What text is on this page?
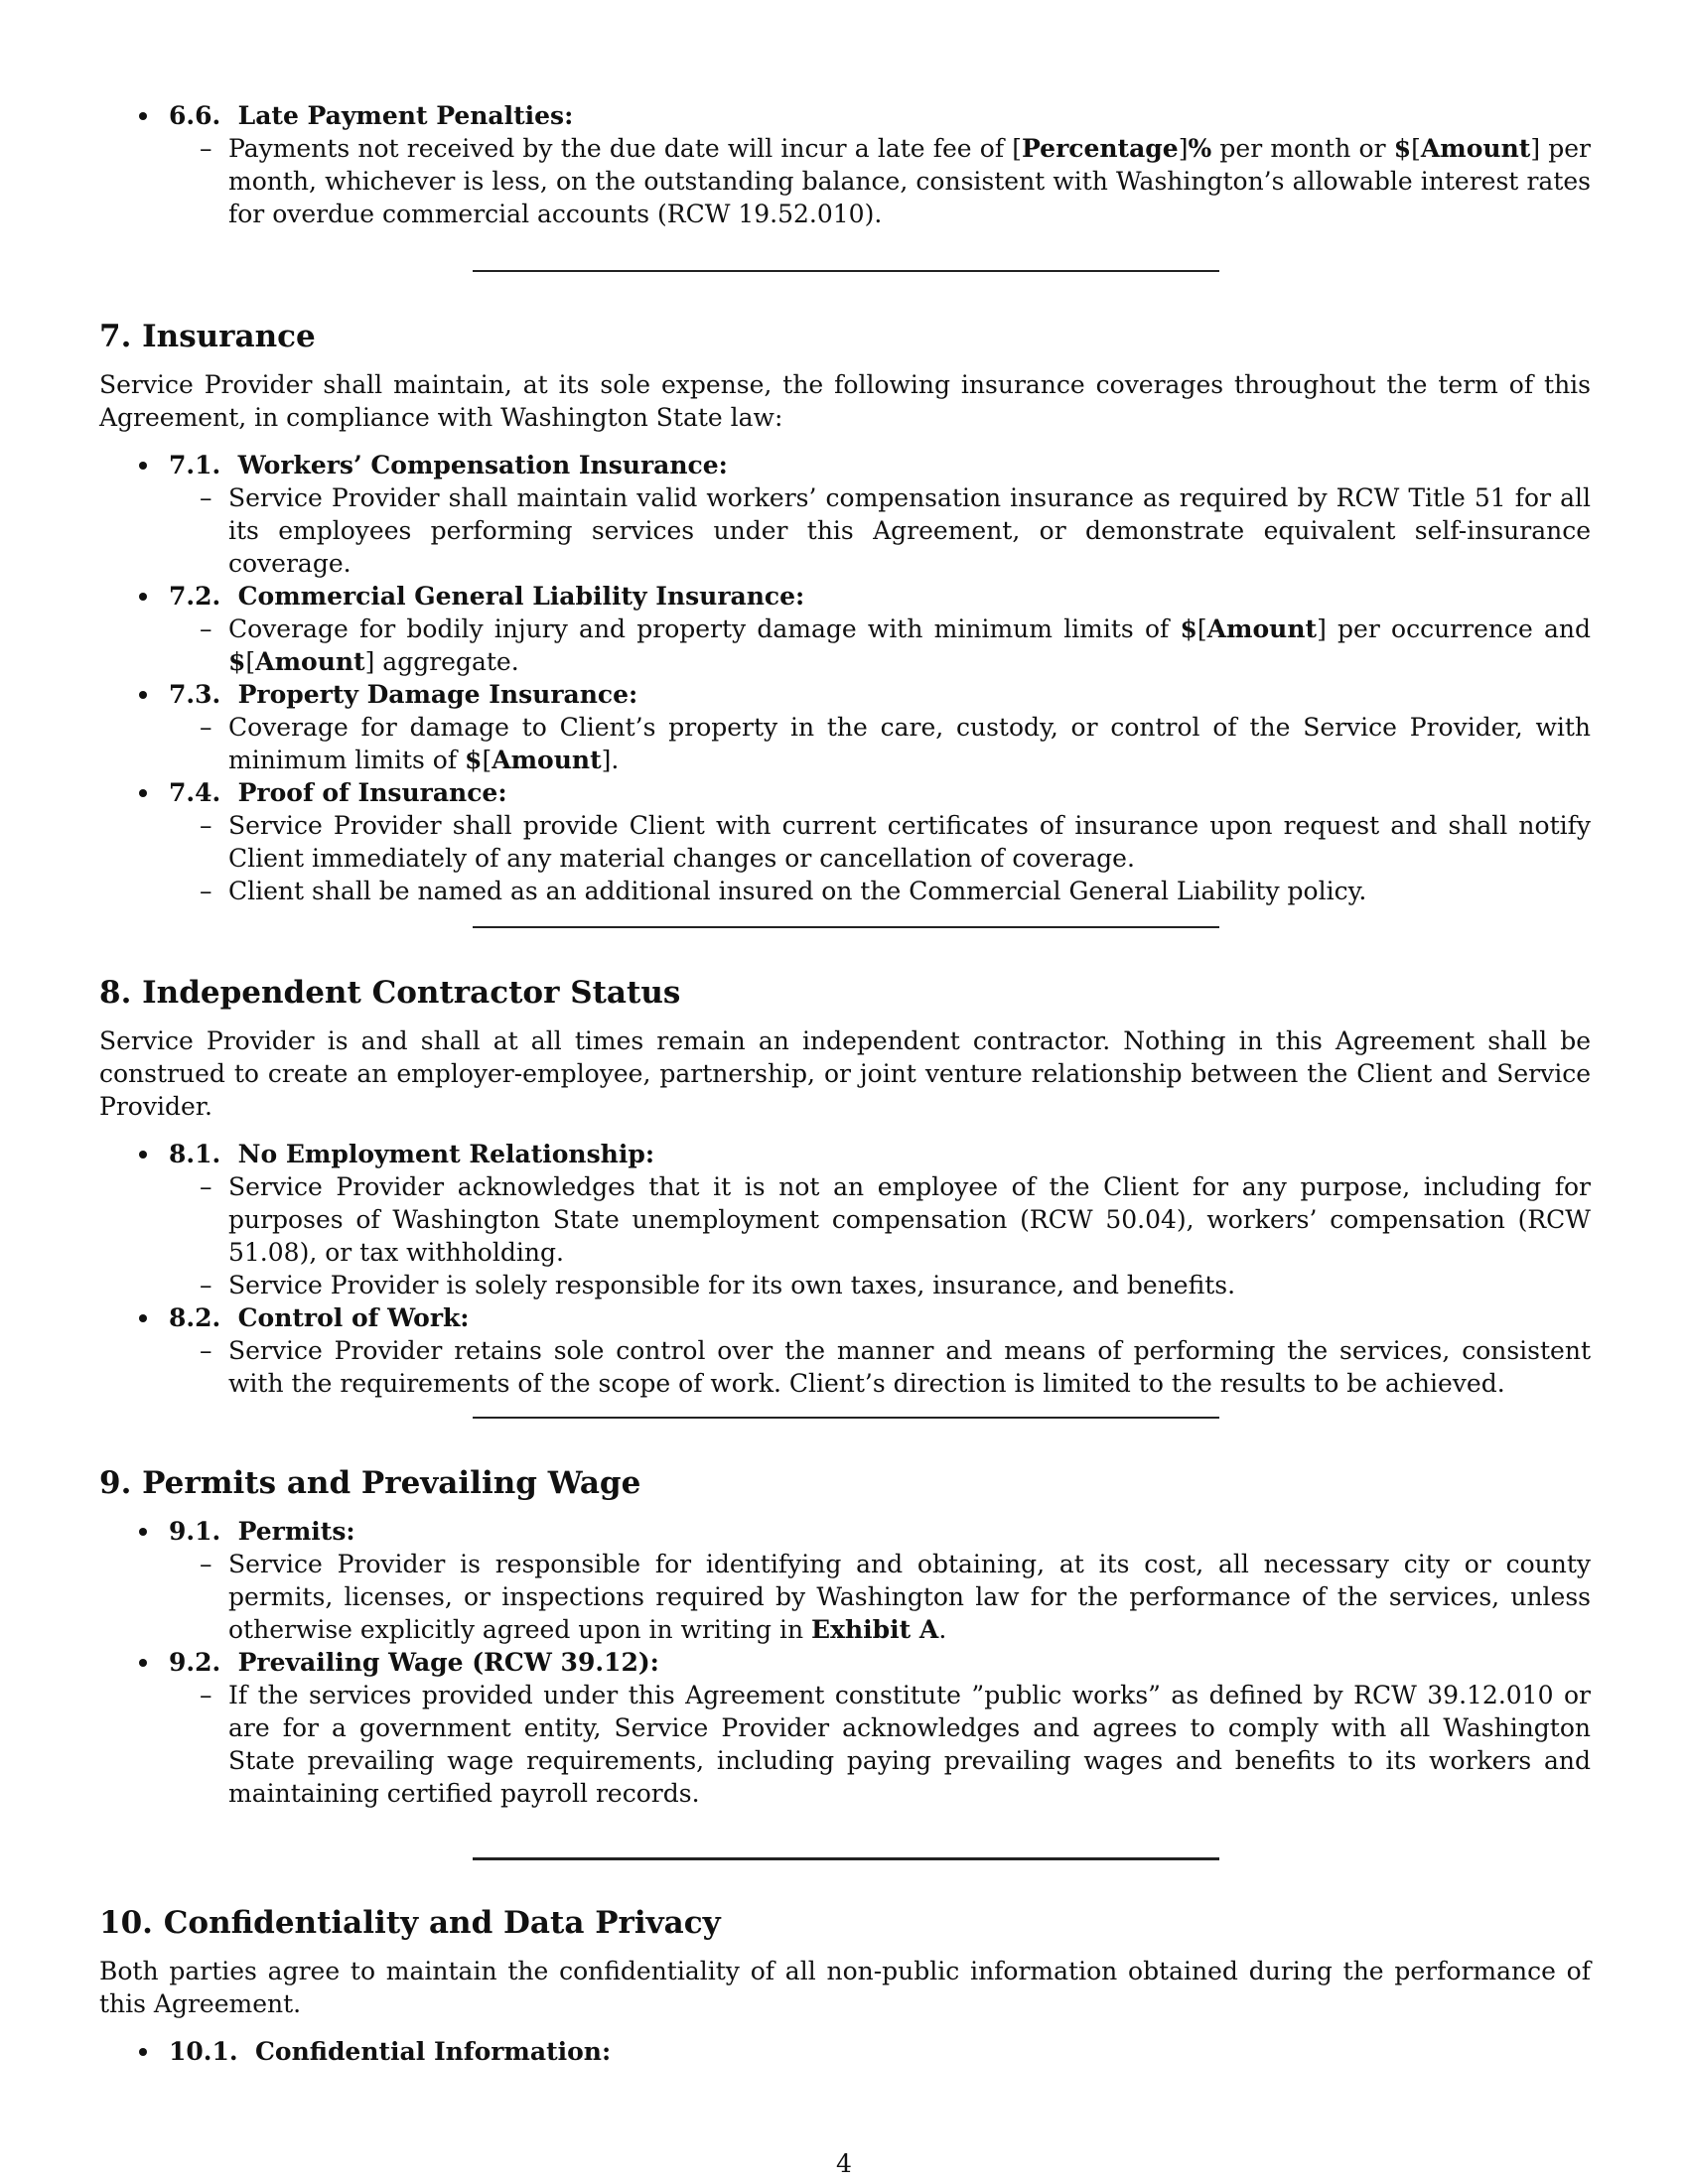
6.6. Late Payment Penalties:
– Payments not received by the due date will incur a late fee of [Percentage]% per month or $[Amount] per month, whichever is less, on the outstanding balance, consistent with Washington’s allowable interest rates for overdue commercial accounts (RCW 19.52.010).
7. Insurance
Service Provider shall maintain, at its sole expense, the following insurance coverages throughout the term of this Agreement, in compliance with Washington State law:
7.1. Workers’ Compensation Insurance:
– Service Provider shall maintain valid workers’ compensation insurance as required by RCW Title 51 for all its employees performing services under this Agreement, or demonstrate equivalent self-insurance coverage.
7.2. Commercial General Liability Insurance:
– Coverage for bodily injury and property damage with minimum limits of $[Amount] per occurrence and $[Amount] aggregate.
7.3. Property Damage Insurance:
– Coverage for damage to Client’s property in the care, custody, or control of the Service Provider, with minimum limits of $[Amount].
7.4. Proof of Insurance:
– Service Provider shall provide Client with current certificates of insurance upon request and shall notify Client immediately of any material changes or cancellation of coverage.
– Client shall be named as an additional insured on the Commercial General Liability policy.
8. Independent Contractor Status
Service Provider is and shall at all times remain an independent contractor. Nothing in this Agreement shall be construed to create an employer-employee, partnership, or joint venture relationship between the Client and Service Provider.
8.1. No Employment Relationship:
– Service Provider acknowledges that it is not an employee of the Client for any purpose, including for purposes of Washington State unemployment compensation (RCW 50.04), workers’ compensation (RCW 51.08), or tax withholding.
– Service Provider is solely responsible for its own taxes, insurance, and benefits.
8.2. Control of Work:
– Service Provider retains sole control over the manner and means of performing the services, consistent with the requirements of the scope of work. Client’s direction is limited to the results to be achieved.
9. Permits and Prevailing Wage
9.1. Permits:
– Service Provider is responsible for identifying and obtaining, at its cost, all necessary city or county permits, licenses, or inspections required by Washington law for the performance of the services, unless otherwise explicitly agreed upon in writing in Exhibit A.
9.2. Prevailing Wage (RCW 39.12):
– If the services provided under this Agreement constitute ”public works” as defined by RCW 39.12.010 or are for a government entity, Service Provider acknowledges and agrees to comply with all Washington State prevailing wage requirements, including paying prevailing wages and benefits to its workers and maintaining certified payroll records.
10. Confidentiality and Data Privacy
Both parties agree to maintain the confidentiality of all non-public information obtained during the performance of this Agreement.
10.1. Confidential Information:
4
